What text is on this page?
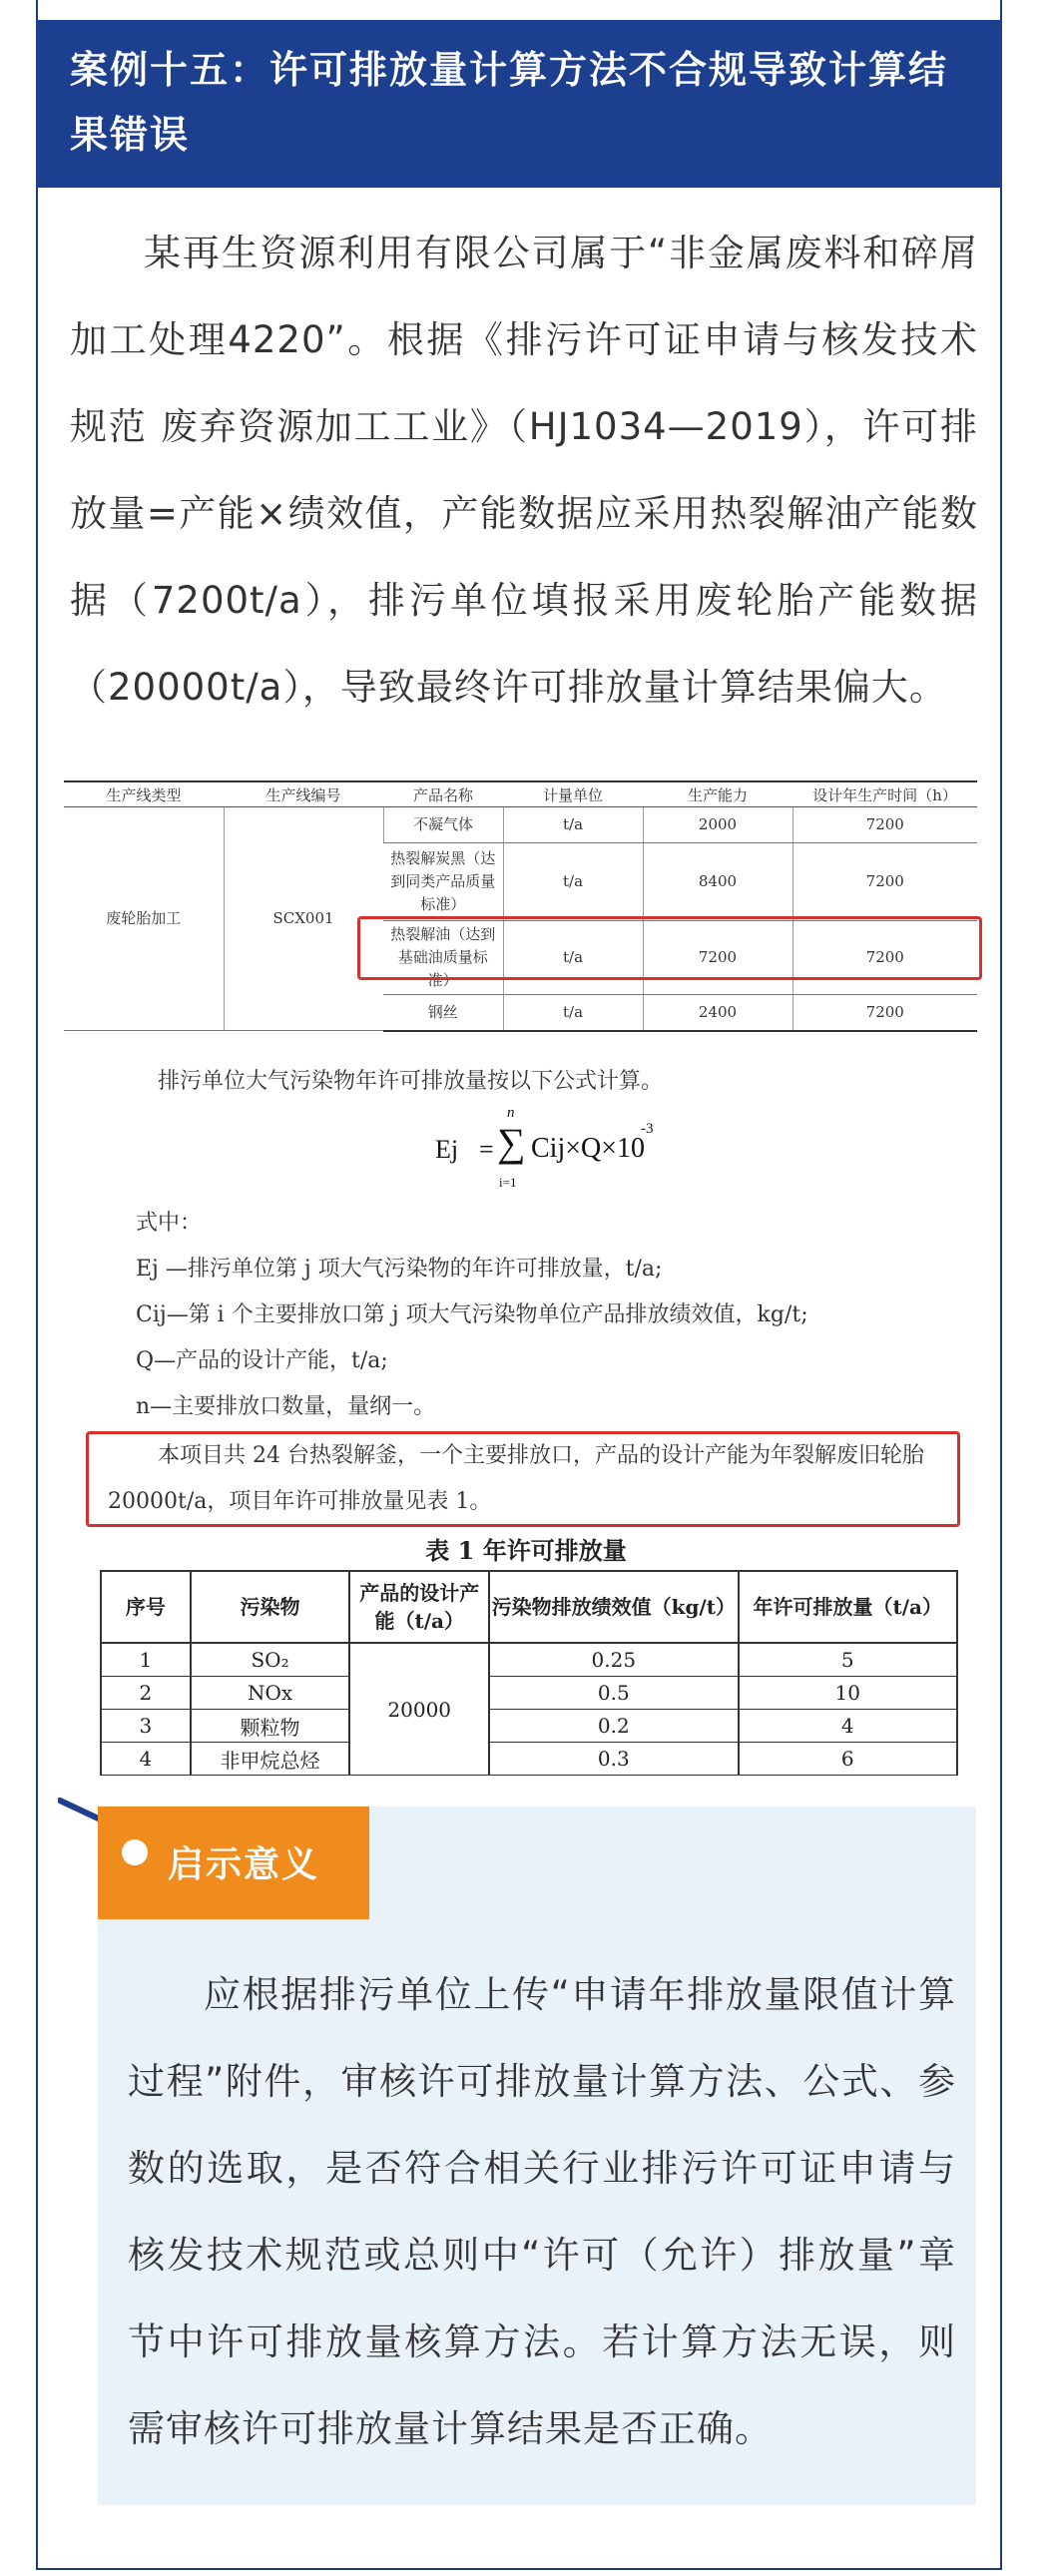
案例十五：许可排放量计算方法不合规导致计算结果错误

某再生资源利用有限公司属于“非金属废料和碎屑加工处理4220”。根据《排污许可证申请与核发技术规范 废弃资源加工工业》（HJ1034—2019），许可排放量=产能×绩效值，产能数据应采用热裂解油产能数据（7200t/a），排污单位填报采用废轮胎产能数据（20000t/a），导致最终许可排放量计算结果偏大。

生产线类型	生产线编号	产品名称	计量单位	生产能力	设计年生产时间（h）
废轮胎加工	SCX001	不凝气体	t/a	2000	7200
		热裂解炭黑（达到同类产品质量标准）	t/a	8400	7200
		热裂解油（达到基础油质量标准）	t/a	7200	7200
		钢丝	t/a	2400	7200
排污单位大气污染物年许可排放量按以下公式计算。
Ej =
n
∑
i=1
Cij×Q×10
-3

式中：

Ej —排污单位第 j 项大气污染物的年许可排放量，t/a;

Cij—第 i 个主要排放口第 j 项大气污染物单位产品排放绩效值，kg/t;

Q—产品的设计产能，t/a;

n—主要排放口数量，量纲一。

本项目共 24 台热裂解釜，一个主要排放口，产品的设计产能为年裂解废旧轮胎 20000t/a，项目年许可排放量见表 1。

表 1 年许可排放量
序号	污染物	产品的设计产能（t/a）	污染物排放绩效值（kg/t）	年许可排放量（t/a）
1	SO₂	20000	0.25	5
2	NOx		0.5	10
3	颗粒物		0.2	4
4	非甲烷总烃		0.3	6
启示意义

应根据排污单位上传“申请年排放量限值计算过程”附件，审核许可排放量计算方法、公式、参数的选取，是否符合相关行业排污许可证申请与核发技术规范或总则中“许可（允许）排放量”章节中许可排放量核算方法。若计算方法无误，则需审核许可排放量计算结果是否正确。
